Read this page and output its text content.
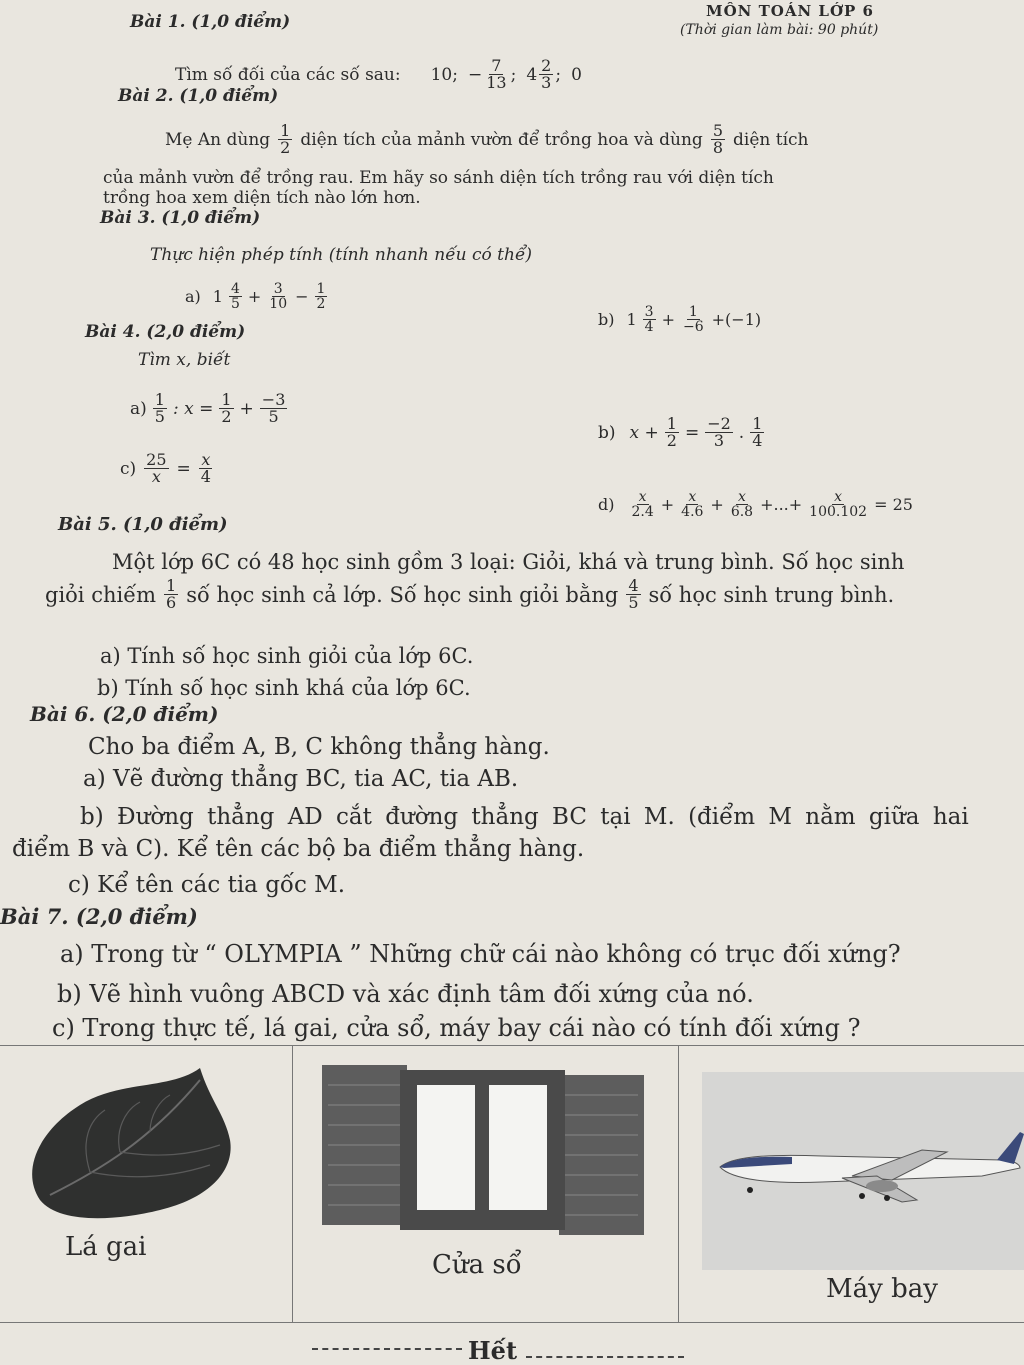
MÔN TOÁN LỚP 6
(Thời gian làm bài: 90 phút)
Bài 1. (1,0 điểm)
Tìm số đối của các số sau: 10; − $\frac{7}{13}$ ; $4 \frac{2}{3}$ ; 0
Bài 2. (1,0 điểm)
Mẹ An dùng $\frac{1}{2}$ diện tích của mảnh vườn để trồng hoa và dùng $\frac{5}{8}$ diện tích
của mảnh vườn để trồng rau. Em hãy so sánh diện tích trồng rau với diện tích
trồng hoa xem diện tích nào lớn hơn.
Bài 3. (1,0 điểm)
Thực hiện phép tính (tính nhanh nếu có thể)
a) $1 \frac{4}{5} + \frac{3}{10} - \frac{1}{2}$
b) $1 \frac{3}{4} + \frac{1}{-6} +(-1)$
Bài 4. (2,0 điểm)
Tìm x, biết
$a) \frac{1}{5}$ : $x = \frac{1}{2} + \frac{-3}{5}$
b) $x + \frac{1}{2} = \frac{-2}{3}$ . $\frac{1}{4}$
$c) \frac{25}{x} = \frac{x}{4}$
$d) \frac{x}{2.4} + \frac{x}{4.6} + \frac{x}{6.8}$ +...+ $\frac{x}{100.102} = 25$
Bài 5. (1,0 điểm)
Một lớp 6C có 48 học sinh gồm 3 loại: Giỏi, khá và trung bình. Số học sinh
giỏi chiếm $\frac{1}{6}$ số học sinh cả lớp. Số học sinh giỏi bằng $\frac{4}{5}$ số học sinh trung bình.
a) Tính số học sinh giỏi của lớp 6C.
b) Tính số học sinh khá của lớp 6C.
Bài 6. (2,0 điểm)
Cho ba điểm A, B, C không thẳng hàng.
a) Vẽ đường thẳng BC, tia AC, tia AB.
b) Đường thẳng AD cắt đường thẳng BC tại M. (điểm M nằm giữa hai
điểm B và C). Kể tên các bộ ba điểm thẳng hàng.
c) Kể tên các tia gốc M.
Bài 7. (2,0 điểm)
a) Trong từ “ OLYMPIA ” Những chữ cái nào không có trục đối xứng?
b) Vẽ hình vuông ABCD và xác định tâm đối xứng của nó.
c) Trong thực tế, lá gai, cửa sổ, máy bay cái nào có tính đối xứng ?
Lá gai
Cửa sổ
Máy bay
Hết
